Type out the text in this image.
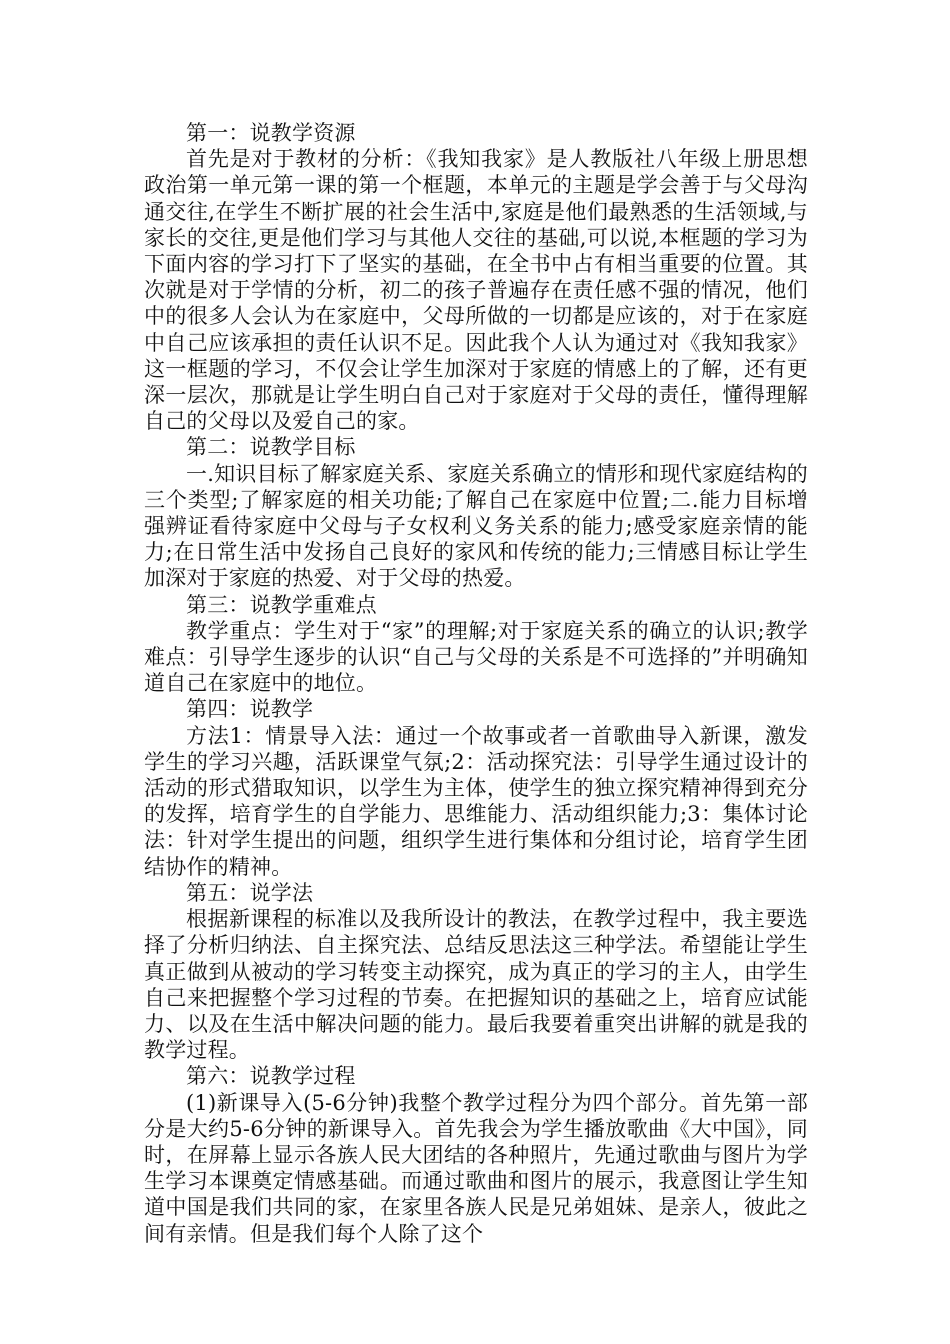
第一：说教学资源

首先是对于教材的分析：《我知我家》是人教版社八年级上册思想政治第一单元第一课的第一个框题，本单元的主题是学会善于与父母沟通交往,在学生不断扩展的社会生活中,家庭是他们最熟悉的生活领域,与家长的交往,更是他们学习与其他人交往的基础,可以说,本框题的学习为下面内容的学习打下了坚实的基础，在全书中占有相当重要的位置。其次就是对于学情的分析，初二的孩子普遍存在责任感不强的情况，他们中的很多人会认为在家庭中，父母所做的一切都是应该的，对于在家庭中自己应该承担的责任认识不足。因此我个人认为通过对《我知我家》这一框题的学习，不仅会让学生加深对于家庭的情感上的了解，还有更深一层次，那就是让学生明白自己对于家庭对于父母的责任，懂得理解自己的父母以及爱自己的家。

第二：说教学目标

一.知识目标了解家庭关系、家庭关系确立的情形和现代家庭结构的三个类型;了解家庭的相关功能;了解自己在家庭中位置;二.能力目标增强辨证看待家庭中父母与子女权利义务关系的能力;感受家庭亲情的能力;在日常生活中发扬自己良好的家风和传统的能力;三情感目标让学生加深对于家庭的热爱、对于父母的热爱。

第三：说教学重难点

教学重点：学生对于“家”的理解;对于家庭关系的确立的认识;教学难点：引导学生逐步的认识“自己与父母的关系是不可选择的”并明确知道自己在家庭中的地位。

第四：说教学

方法1：情景导入法：通过一个故事或者一首歌曲导入新课，激发学生的学习兴趣，活跃课堂气氛;2：活动探究法：引导学生通过设计的活动的形式猎取知识，以学生为主体，使学生的独立探究精神得到充分的发挥，培育学生的自学能力、思维能力、活动组织能力;3：集体讨论法：针对学生提出的问题，组织学生进行集体和分组讨论，培育学生团结协作的精神。

第五：说学法

根据新课程的标准以及我所设计的教法，在教学过程中，我主要选择了分析归纳法、自主探究法、总结反思法这三种学法。希望能让学生真正做到从被动的学习转变主动探究，成为真正的学习的主人，由学生自己来把握整个学习过程的节奏。在把握知识的基础之上，培育应试能力、以及在生活中解决问题的能力。最后我要着重突出讲解的就是我的教学过程。

第六：说教学过程

(1)新课导入(5-6分钟)我整个教学过程分为四个部分。首先第一部分是大约5-6分钟的新课导入。首先我会为学生播放歌曲《大中国》，同时，在屏幕上显示各族人民大团结的各种照片，先通过歌曲与图片为学生学习本课奠定情感基础。而通过歌曲和图片的展示，我意图让学生知道中国是我们共同的家，在家里各族人民是兄弟姐妹、是亲人，彼此之间有亲情。但是我们每个人除了这个
